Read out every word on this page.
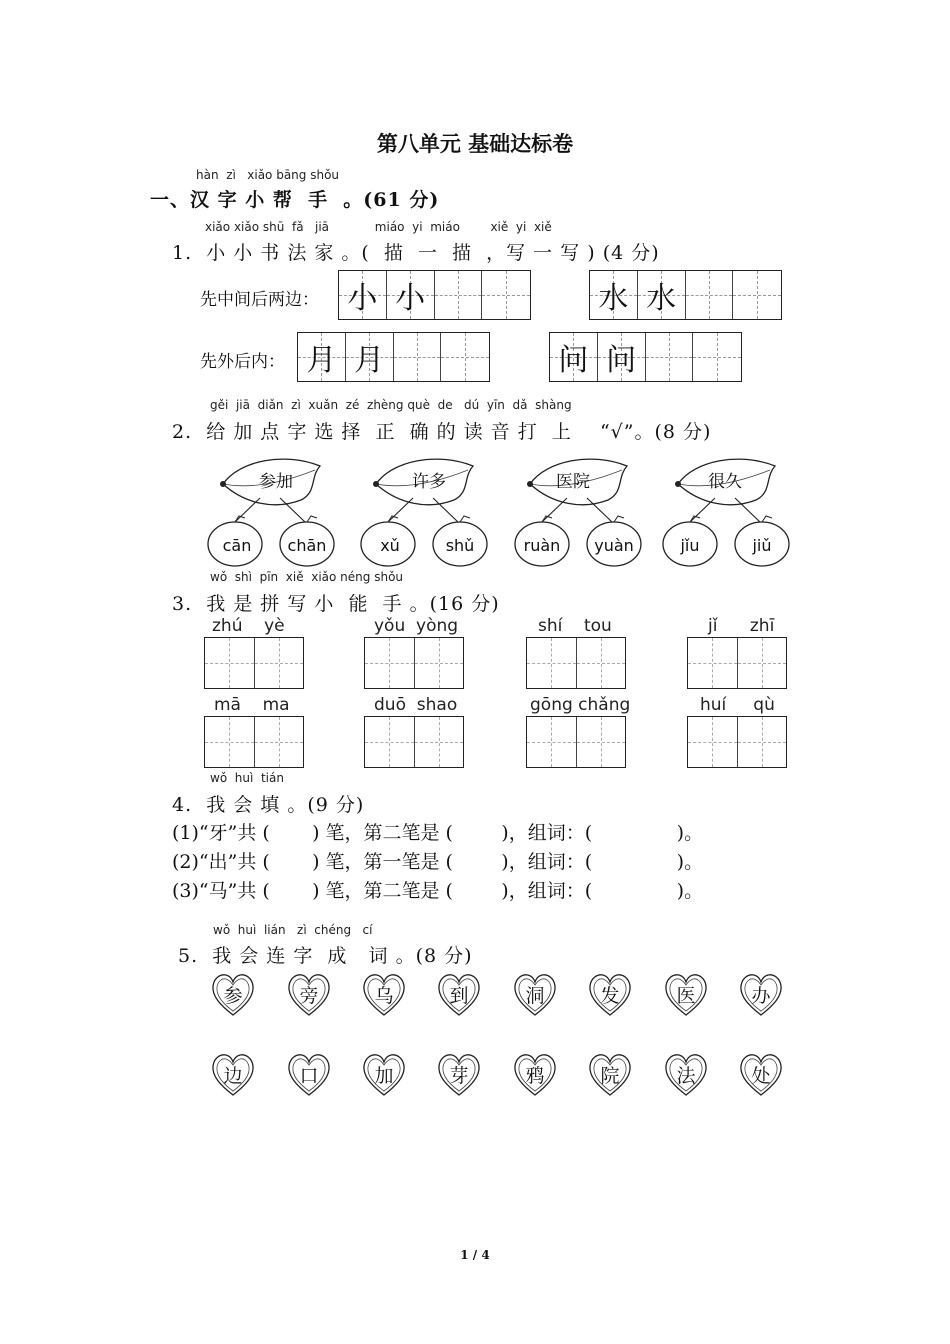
第八单元 基础达标卷
hàn  zì   xiǎo bāng shǒu
一、汉 字 小 帮  手  。(61 分)
xiǎo xiǎo shū  fǎ   jiā            miáo  yi  miáo        xiě  yi  xiě
1.  小 小 书 法 家 。(  描  一  描  ，写 一 写 ) (4 分)
先中间后两边： 小 小	水 水
先外后内： 月 月	问 问
gěi  jiā  diǎn  zì  xuǎn  zé  zhèng què  de   dú  yīn  dǎ  shàng
2.  给 加 点 字 选 择  正  确 的 读 音 打  上    “√”。(8 分)
参加
cān	chān
许多
xǔ	shǔ
医院
ruàn	yuàn
很久
jǐu	jiǔ
wǒ  shì  pīn  xiě  xiǎo néng shǒu
3.  我 是 拼 写 小  能  手 。(16 分)
zhú    yè	yǒu  yòng	shí    tou	jǐ      zhī
mā    ma	duō  shao	gōng chǎng	huí     qù
wǒ  huì  tián
4.  我 会 填 。(9 分)
(1)“牙”共 (       ) 笔，第二笔是 (        )，组词：(              )。
(2)“出”共 (       ) 笔，第一笔是 (        )，组词：(              )。
(3)“马”共 (       ) 笔，第二笔是 (        )，组词：(              )。
wǒ  huì  lián   zì  chéng   cí
5.  我 会 连 字  成   词 。(8 分)
参	旁	乌	到	洞	发	医	办
边	口	加	芽	鸦	院	法	处
1 / 4
